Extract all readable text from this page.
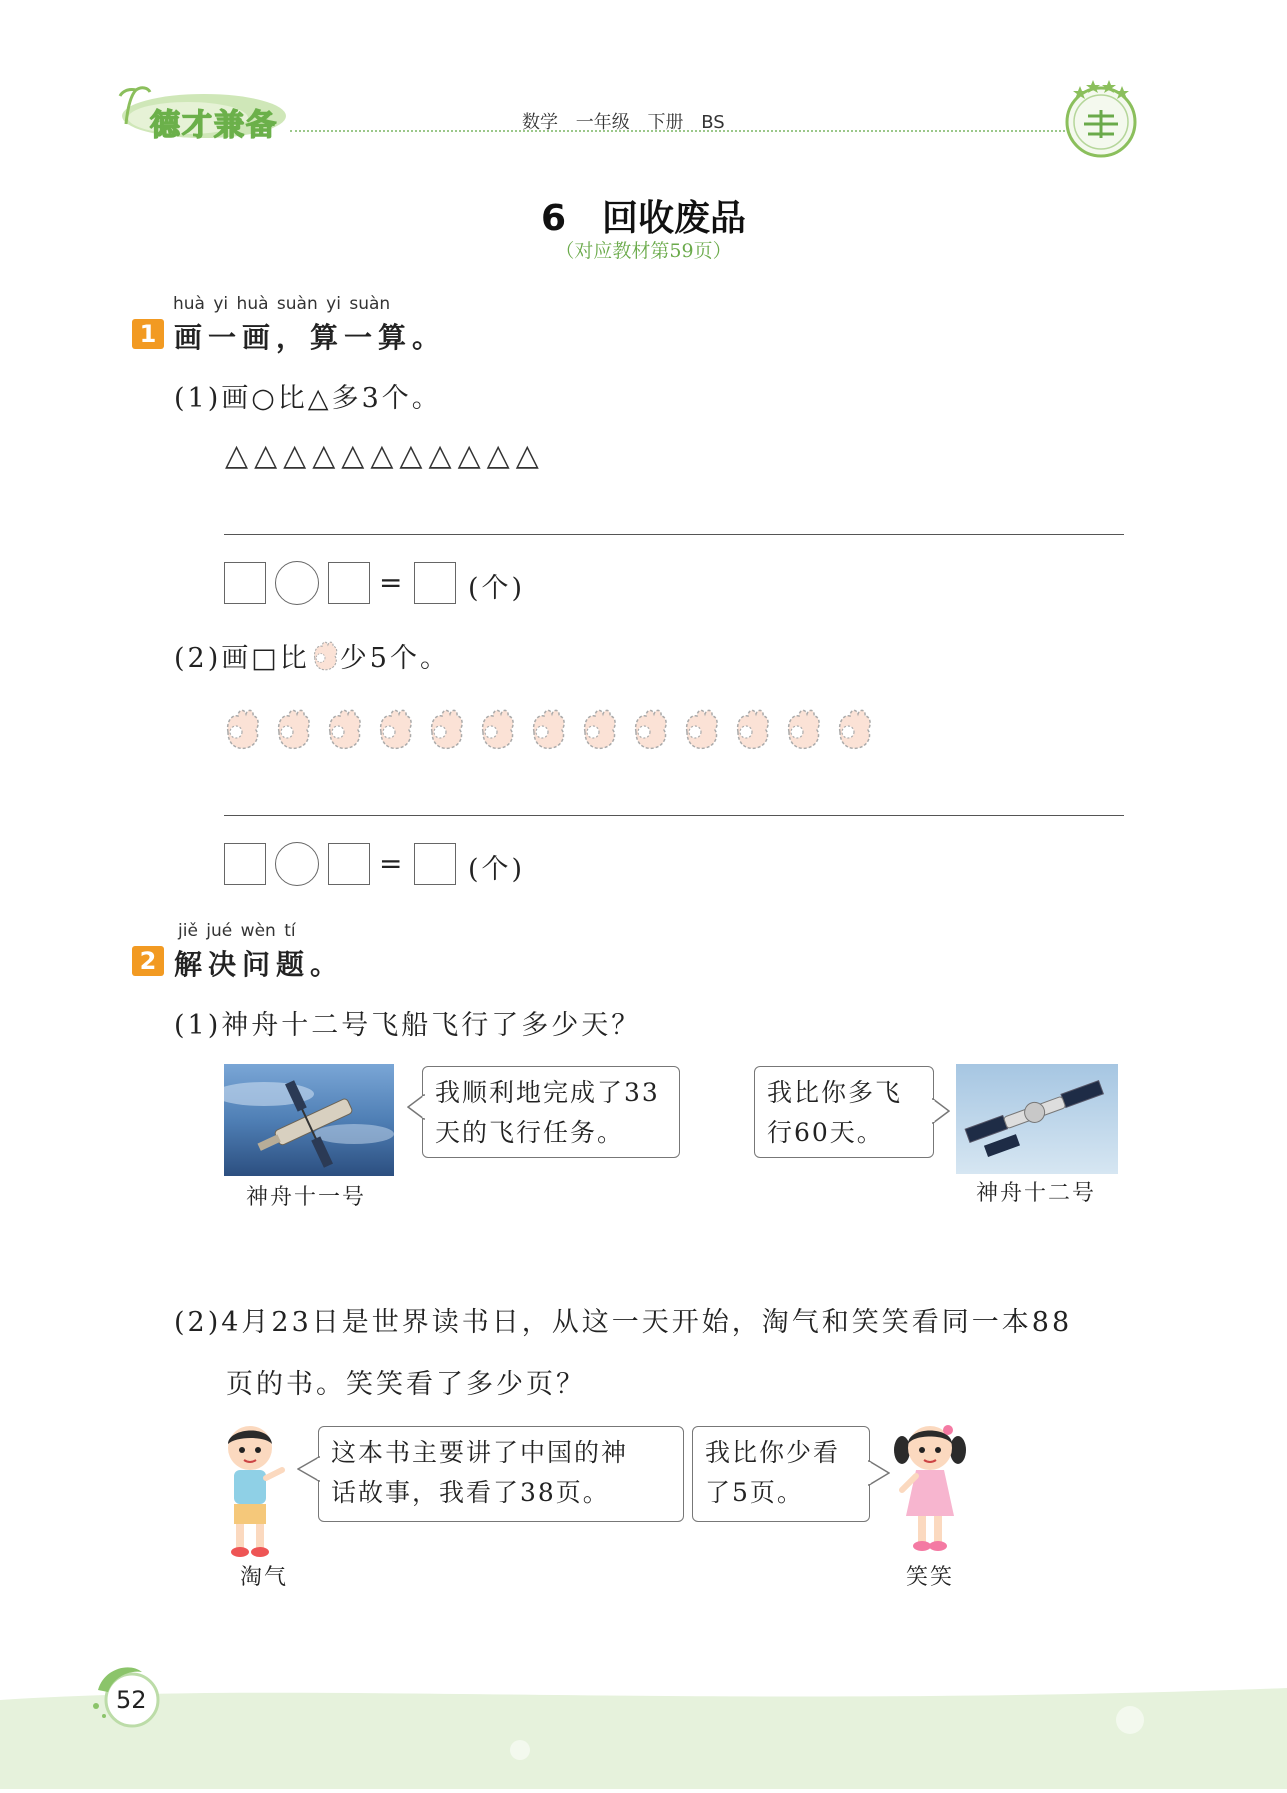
德才兼备	数学 一年级 下册 BS
6　回收废品
（对应教材第59页）
huà yi huà suàn yi suàn
1 画一画，算一算。
(1)画○比△多3个。
△△△△△△△△△△△
= (个)
(2)画□比 少5个。
= (个)
jiě jué wèn tí
2 解决问题。
(1)神舟十二号飞船飞行了多少天？
神舟十一号
我顺利地完成了33
天的飞行任务。
我比你多飞
行60天。
神舟十二号
(2)4月23日是世界读书日，从这一天开始，淘气和笑笑看同一本88
页的书。笑笑看了多少页？
淘气
这本书主要讲了中国的神
话故事，我看了38页。
我比你少看
了5页。
笑笑
52
